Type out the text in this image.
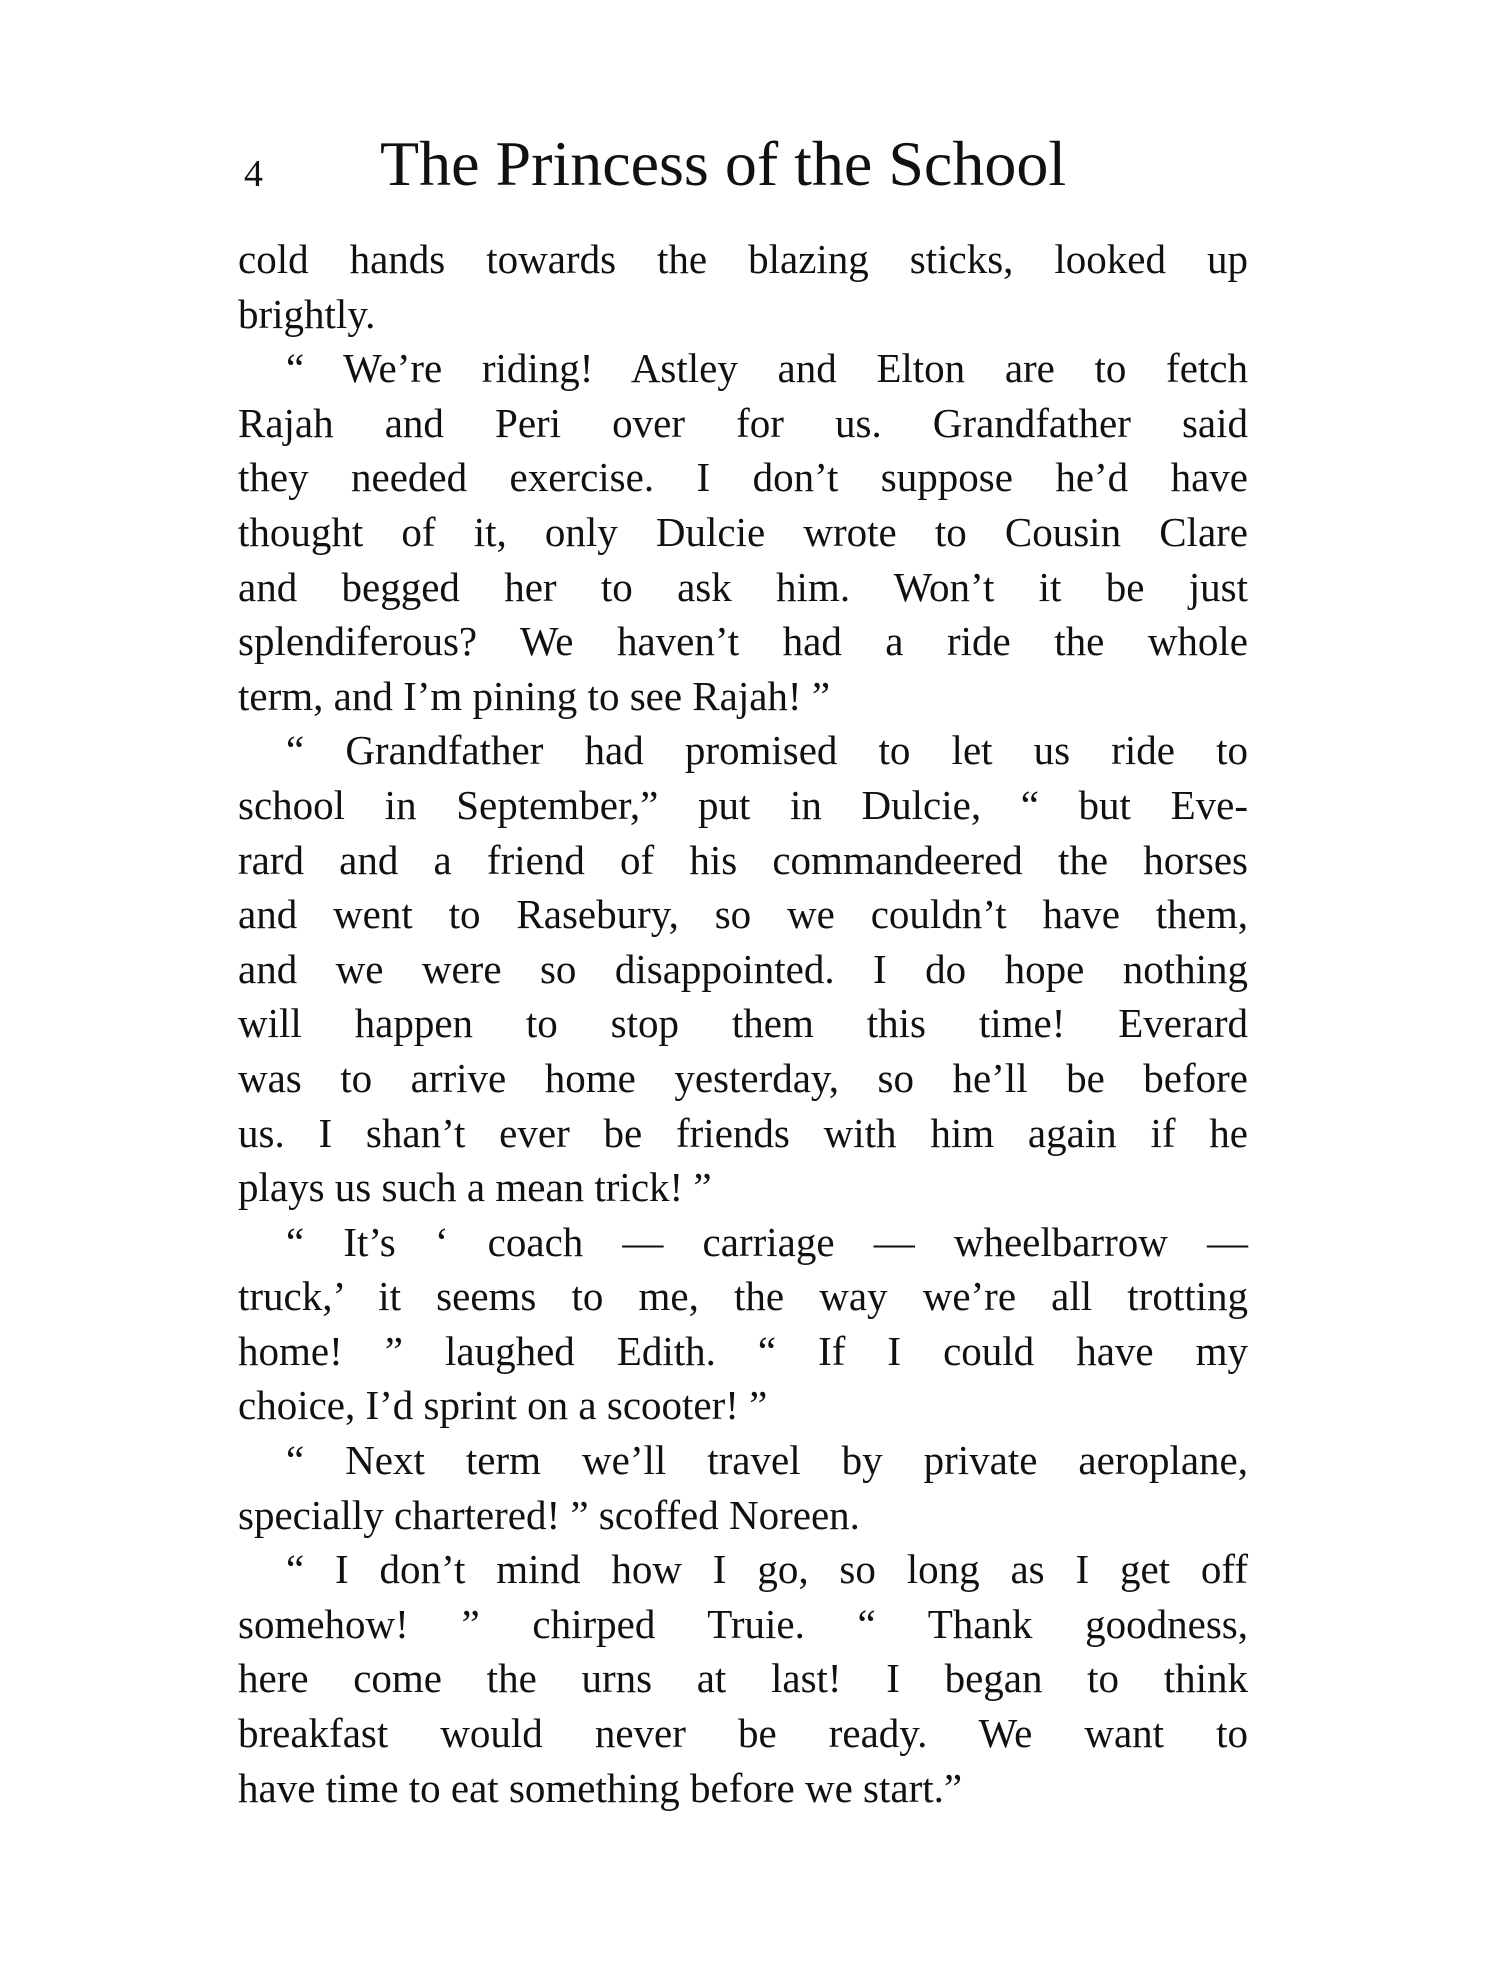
4 The Princess of the School
cold hands towards the blazing sticks, looked up
brightly.
“ We’re riding! Astley and Elton are to fetch
Rajah and Peri over for us. Grandfather said
they needed exercise. I don’t suppose he’d have
thought of it, only Dulcie wrote to Cousin Clare
and begged her to ask him. Won’t it be just
splendiferous? We haven’t had a ride the whole
term, and I’m pining to see Rajah! ”
“ Grandfather had promised to let us ride to
school in September,” put in Dulcie, “ but Eve-
rard and a friend of his commandeered the horses
and went to Rasebury, so we couldn’t have them,
and we were so disappointed. I do hope nothing
will happen to stop them this time! Everard
was to arrive home yesterday, so he’ll be before
us. I shan’t ever be friends with him again if he
plays us such a mean trick! ”
“ It’s ‘ coach — carriage — wheelbarrow —
truck,’ it seems to me, the way we’re all trotting
home! ” laughed Edith. “ If I could have my
choice, I’d sprint on a scooter! ”
“ Next term we’ll travel by private aeroplane,
specially chartered! ” scoffed Noreen.
“ I don’t mind how I go, so long as I get off
somehow! ” chirped Truie. “ Thank goodness,
here come the urns at last! I began to think
breakfast would never be ready. We want to
have time to eat something before we start.”
